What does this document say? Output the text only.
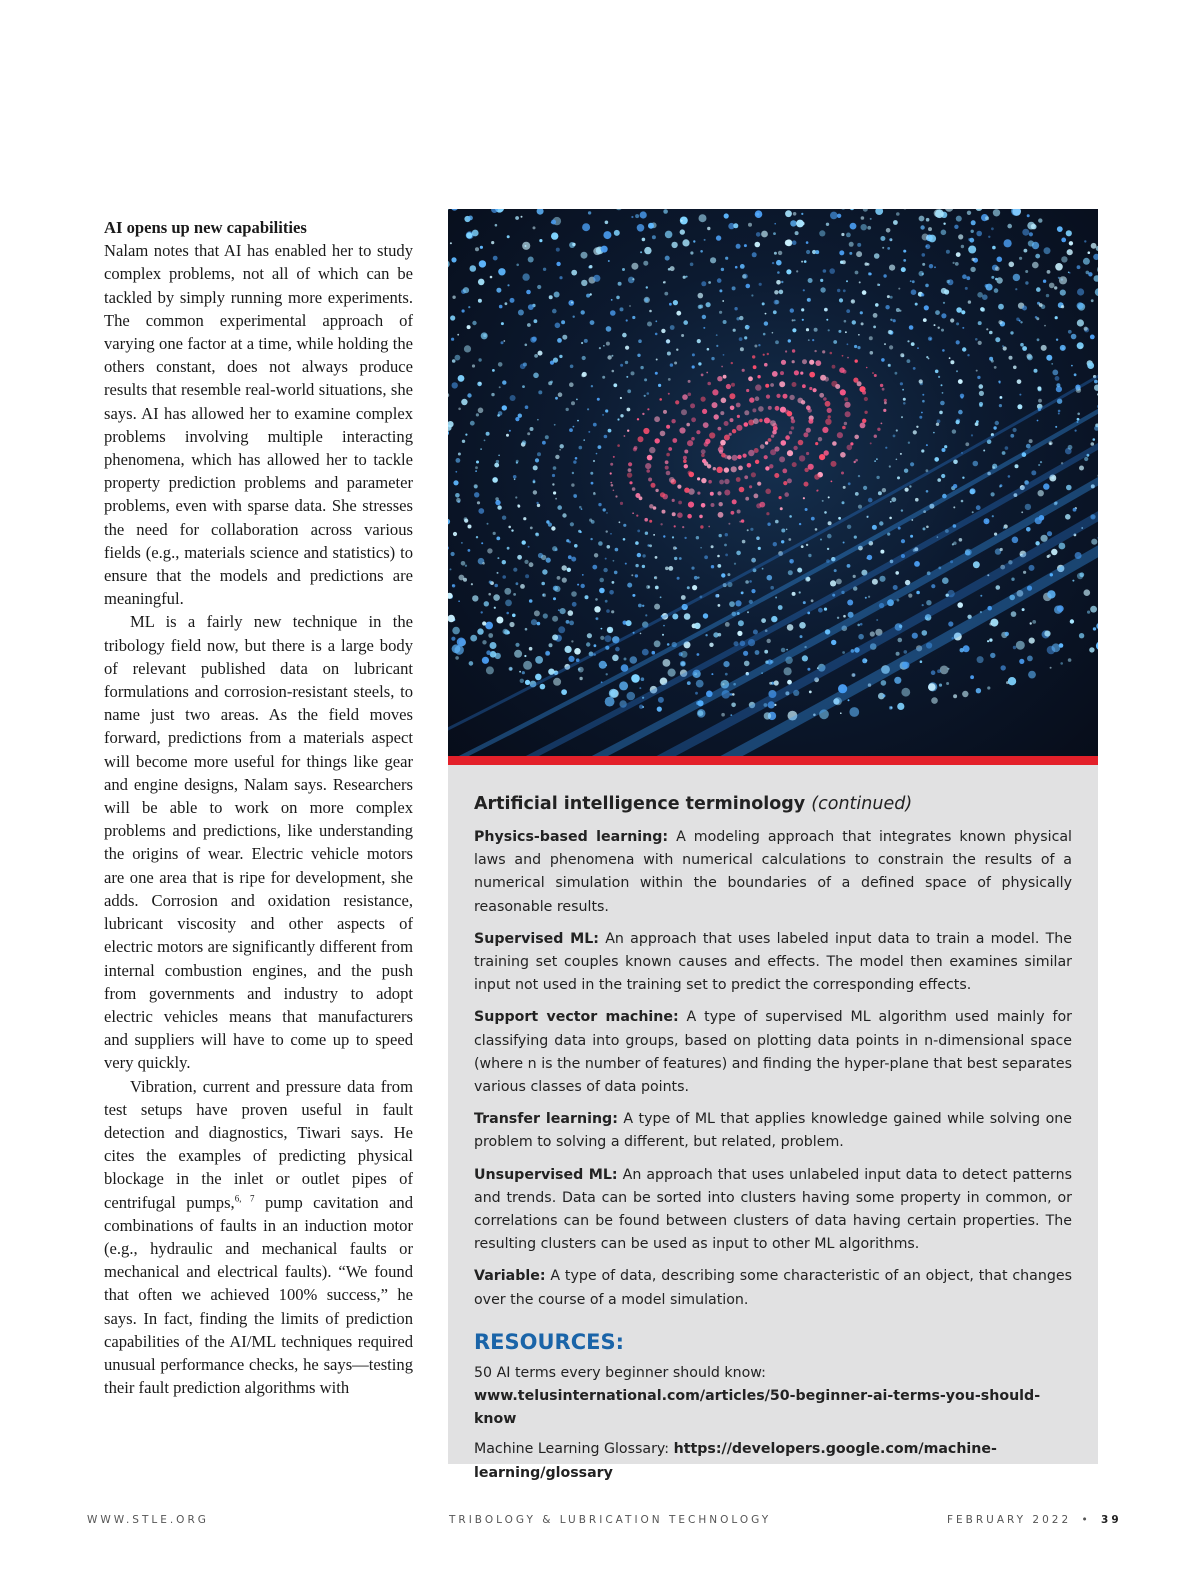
AI opens up new capabilities

Nalam notes that AI has enabled her to study complex problems, not all of which can be tackled by simply running more experiments. The common experimental approach of varying one factor at a time, while holding the others constant, does not always produce results that resemble real-world situations, she says. AI has allowed her to examine complex problems involving multiple interacting phenomena, which has allowed her to tackle property prediction problems and parameter problems, even with sparse data. She stresses the need for collaboration across various fields (e.g., materials science and statistics) to ensure that the models and predictions are meaningful.

ML is a fairly new technique in the tribology field now, but there is a large body of relevant published data on lubricant formulations and corrosion-resistant steels, to name just two areas. As the field moves forward, predictions from a materials aspect will become more useful for things like gear and engine designs, Nalam says. Researchers will be able to work on more complex problems and predictions, like understanding the origins of wear. Electric vehicle motors are one area that is ripe for development, she adds. Corrosion and oxidation resistance, lubricant viscosity and other aspects of electric motors are significantly different from internal combustion engines, and the push from governments and industry to adopt electric vehicles means that manufacturers and suppliers will have to come up to speed very quickly.

Vibration, current and pressure data from test setups have proven useful in fault detection and diagnostics, Tiwari says. He cites the examples of predicting physical blockage in the inlet or outlet pipes of centrifugal pumps,$^{6, 7}$ pump cavitation and combinations of faults in an induction motor (e.g., hydraulic and mechanical faults or mechanical and electrical faults). “We found that often we achieved 100% success,” he says. In fact, finding the limits of prediction capabilities of the AI/ML techniques required unusual performance checks, he says—testing their fault prediction algorithms with

Artificial intelligence terminology (continued)

Physics-based learning: A modeling approach that integrates known physical laws and phenomena with numerical calculations to constrain the results of a numerical simulation within the boundaries of a defined space of physically reasonable results.

Supervised ML: An approach that uses labeled input data to train a model. The training set couples known causes and effects. The model then examines similar input not used in the training set to predict the corresponding effects.

Support vector machine: A type of supervised ML algorithm used mainly for classifying data into groups, based on plotting data points in n-dimensional space (where n is the number of features) and finding the hyper-plane that best separates various classes of data points.

Transfer learning: A type of ML that applies knowledge gained while solving one problem to solving a different, but related, problem.

Unsupervised ML: An approach that uses unlabeled input data to detect patterns and trends. Data can be sorted into clusters having some property in common, or correlations can be found between clusters of data having certain properties. The resulting clusters can be used as input to other ML algorithms.

Variable: A type of data, describing some characteristic of an object, that changes over the course of a model simulation.

RESOURCES:

50 AI terms every beginner should know: www.telusinternational.com/articles/50-beginner-ai-terms-you-should-know

Machine Learning Glossary: https://developers.google.com/machine-learning/glossary

WWW.STLE.ORG	TRIBOLOGY & LUBRICATION TECHNOLOGY	FEBRUARY 2022 • 39
